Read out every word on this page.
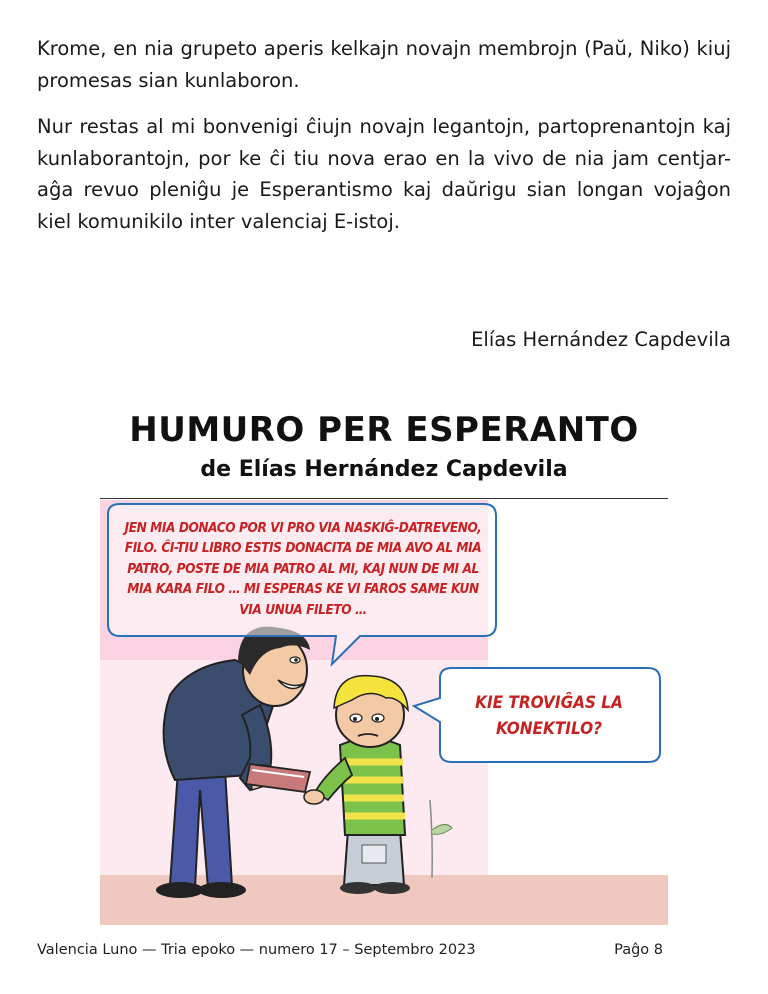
Krome, en nia grupeto aperis kelkajn novajn membrojn (Paŭ, Niko) kiuj promesas sian kunlaboron.

Nur restas al mi bonvenigi ĉiujn novajn legantojn, partoprenantojn kaj kunlaborantojn, por ke ĉi tiu nova erao en la vivo de nia jam centjar-aĝa revuo pleniĝu je Esperantismo kaj daŭrigu sian longan vojaĝon kiel komunikilo inter valenciaj E-istoj.

Elías Hernández Capdevila
HUMURO PER ESPERANTO
de Elías Hernández Capdevila
JEN MIA DONACO POR VI PRO VIA NASKIĜ-DATREVENO, FILO. ĈI-TIU LIBRO ESTIS DONACITA DE MIA AVO AL MIA PATRO, POSTE DE MIA PATRO AL MI, KAJ NUN DE MI AL MIA KARA FILO … MI ESPERAS KE VI FAROS SAME KUN VIA UNUA FILETO …
KIE TROVIĜAS LA KONEKTILO?
Valencia Luno — Tria epoko — numero 17 – Septembro 2023	Paĝo 8
